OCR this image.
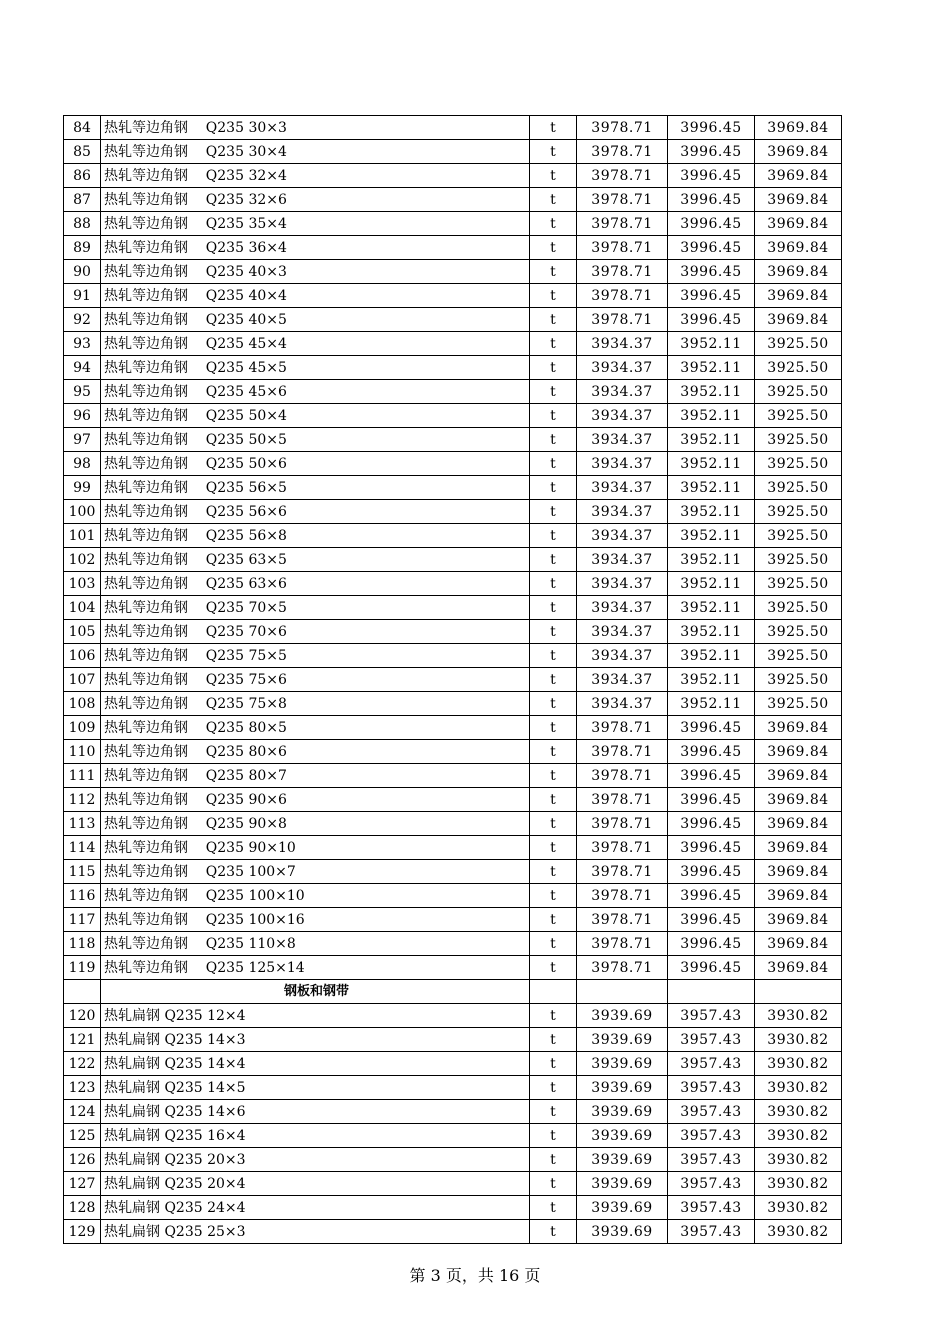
84	热轧等边角钢    Q235 30×3	t	3978.71	3996.45	3969.84
85	热轧等边角钢    Q235 30×4	t	3978.71	3996.45	3969.84
86	热轧等边角钢    Q235 32×4	t	3978.71	3996.45	3969.84
87	热轧等边角钢    Q235 32×6	t	3978.71	3996.45	3969.84
88	热轧等边角钢    Q235 35×4	t	3978.71	3996.45	3969.84
89	热轧等边角钢    Q235 36×4	t	3978.71	3996.45	3969.84
90	热轧等边角钢    Q235 40×3	t	3978.71	3996.45	3969.84
91	热轧等边角钢    Q235 40×4	t	3978.71	3996.45	3969.84
92	热轧等边角钢    Q235 40×5	t	3978.71	3996.45	3969.84
93	热轧等边角钢    Q235 45×4	t	3934.37	3952.11	3925.50
94	热轧等边角钢    Q235 45×5	t	3934.37	3952.11	3925.50
95	热轧等边角钢    Q235 45×6	t	3934.37	3952.11	3925.50
96	热轧等边角钢    Q235 50×4	t	3934.37	3952.11	3925.50
97	热轧等边角钢    Q235 50×5	t	3934.37	3952.11	3925.50
98	热轧等边角钢    Q235 50×6	t	3934.37	3952.11	3925.50
99	热轧等边角钢    Q235 56×5	t	3934.37	3952.11	3925.50
100	热轧等边角钢    Q235 56×6	t	3934.37	3952.11	3925.50
101	热轧等边角钢    Q235 56×8	t	3934.37	3952.11	3925.50
102	热轧等边角钢    Q235 63×5	t	3934.37	3952.11	3925.50
103	热轧等边角钢    Q235 63×6	t	3934.37	3952.11	3925.50
104	热轧等边角钢    Q235 70×5	t	3934.37	3952.11	3925.50
105	热轧等边角钢    Q235 70×6	t	3934.37	3952.11	3925.50
106	热轧等边角钢    Q235 75×5	t	3934.37	3952.11	3925.50
107	热轧等边角钢    Q235 75×6	t	3934.37	3952.11	3925.50
108	热轧等边角钢    Q235 75×8	t	3934.37	3952.11	3925.50
109	热轧等边角钢    Q235 80×5	t	3978.71	3996.45	3969.84
110	热轧等边角钢    Q235 80×6	t	3978.71	3996.45	3969.84
111	热轧等边角钢    Q235 80×7	t	3978.71	3996.45	3969.84
112	热轧等边角钢    Q235 90×6	t	3978.71	3996.45	3969.84
113	热轧等边角钢    Q235 90×8	t	3978.71	3996.45	3969.84
114	热轧等边角钢    Q235 90×10	t	3978.71	3996.45	3969.84
115	热轧等边角钢    Q235 100×7	t	3978.71	3996.45	3969.84
116	热轧等边角钢    Q235 100×10	t	3978.71	3996.45	3969.84
117	热轧等边角钢    Q235 100×16	t	3978.71	3996.45	3969.84
118	热轧等边角钢    Q235 110×8	t	3978.71	3996.45	3969.84
119	热轧等边角钢    Q235 125×14	t	3978.71	3996.45	3969.84
	钢板和钢带				
120	热轧扁钢 Q235 12×4	t	3939.69	3957.43	3930.82
121	热轧扁钢 Q235 14×3	t	3939.69	3957.43	3930.82
122	热轧扁钢 Q235 14×4	t	3939.69	3957.43	3930.82
123	热轧扁钢 Q235 14×5	t	3939.69	3957.43	3930.82
124	热轧扁钢 Q235 14×6	t	3939.69	3957.43	3930.82
125	热轧扁钢 Q235 16×4	t	3939.69	3957.43	3930.82
126	热轧扁钢 Q235 20×3	t	3939.69	3957.43	3930.82
127	热轧扁钢 Q235 20×4	t	3939.69	3957.43	3930.82
128	热轧扁钢 Q235 24×4	t	3939.69	3957.43	3930.82
129	热轧扁钢 Q235 25×3	t	3939.69	3957.43	3930.82
第 3 页，共 16 页
